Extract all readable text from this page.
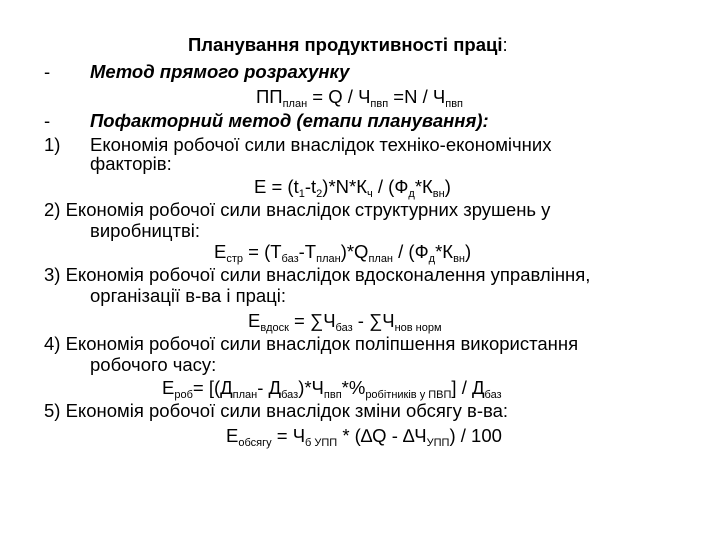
Планування продуктивності праці:
- Метод прямого розрахунку
$ПП_{план} = Q / Ч_{пвп} =N / Ч_{пвп}$
- Пофакторний метод (етапи планування):
1) Економія робочої сили внаслідок техніко-економічних
факторів:
$Е = (t_1-t_2)*N*К_ч / (Ф_д*К_{вн})$
2) Економія робочої сили внаслідок структурних зрушень у
виробництві:
$Е_{стр} = (Т_{баз}-Т_{план})*Q_{план} / (Ф_д*К_{вн})$
3) Економія робочої сили внаслідок вдосконалення управління,
організації в-ва і праці:
$Е_{вдоск} = \sum Ч_{баз} - \sum Ч_{нов норм}$
4) Економія робочої сили внаслідок поліпшення використання
робочого часу:
$Е_{роб}= [(Д_{план}-$ $Д_{баз})*Ч_{пвп}*\%_{робітників у ПВП}] / Д_{баз}$
5) Економія робочої сили внаслідок зміни обсягу в-ва:
$Е_{обсягу} = Ч_{б УПП} * (\Delta Q - \Delta Ч_{УПП}) / 100$
